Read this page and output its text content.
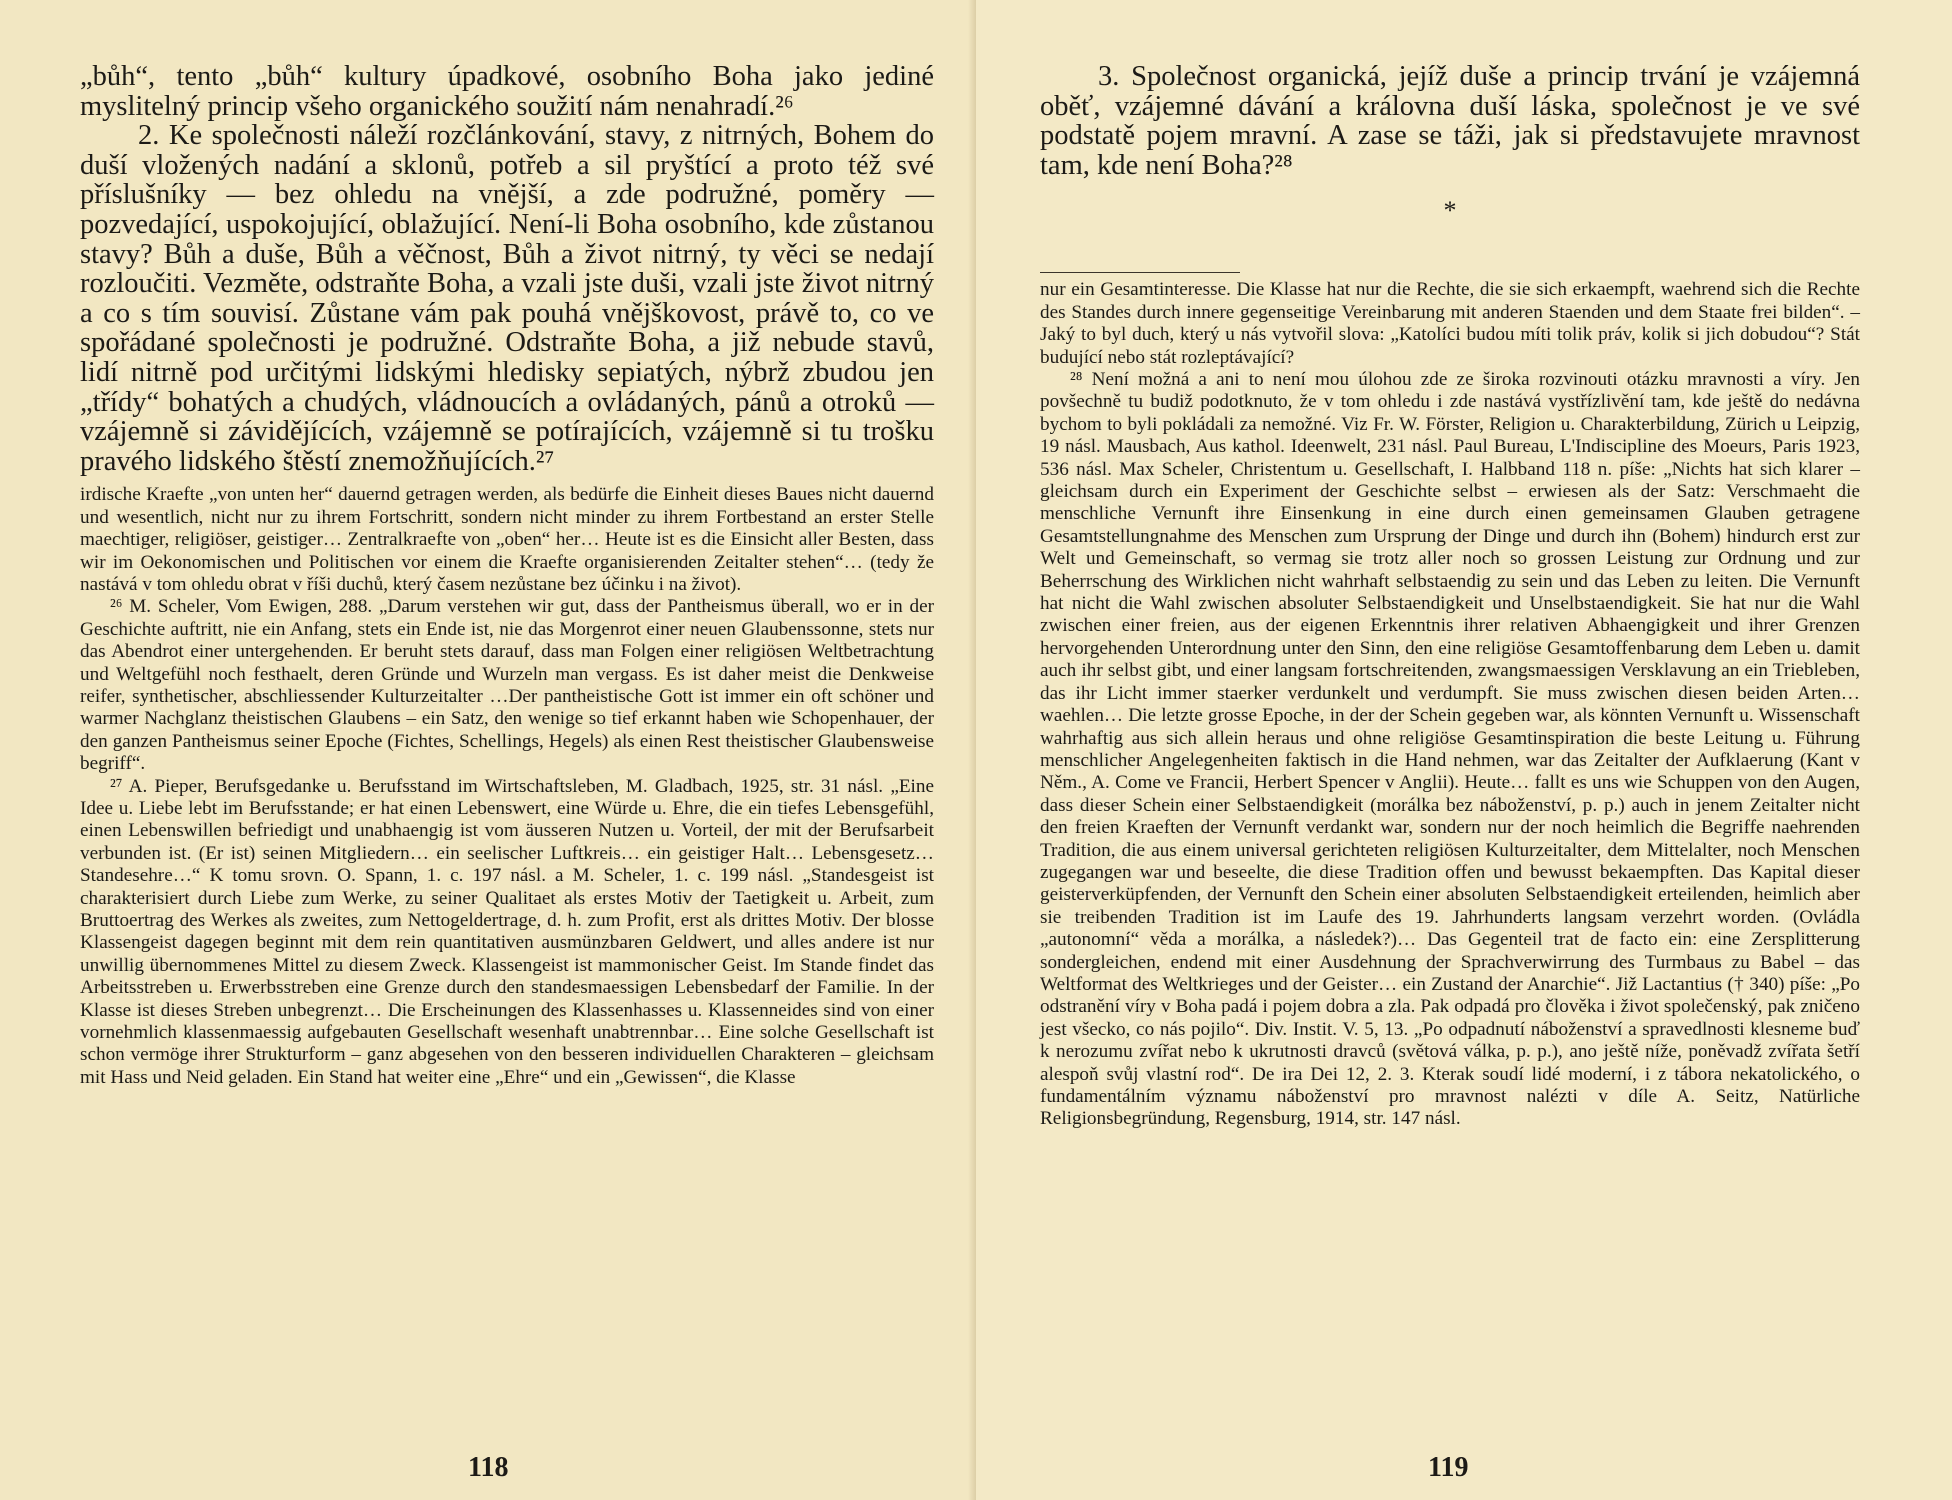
„bůh“, tento „bůh“ kultury úpadkové, osobního Boha jako jediné myslitelný princip všeho organického soužití nám nenahradí.²⁶

2. Ke společnosti náleží rozčlánkování, stavy, z nitrných, Bohem do duší vložených nadání a sklonů, potřeb a sil pryštící a proto též své příslušníky — bez ohledu na vnější, a zde podružné, poměry — pozvedající, uspokojující, oblažující. Není-li Boha osobního, kde zůstanou stavy? Bůh a duše, Bůh a věčnost, Bůh a život nitrný, ty věci se nedají rozloučiti. Vezměte, odstraňte Boha, a vzali jste duši, vzali jste život nitrný a co s tím souvisí. Zůstane vám pak pouhá vnějškovost, právě to, co ve spořádané společnosti je podružné. Odstraňte Boha, a již nebude stavů, lidí nitrně pod určitými lidskými hledisky sepiatých, nýbrž zbudou jen „třídy“ bohatých a chudých, vládnoucích a ovládaných, pánů a otroků — vzájemně si závidějících, vzájemně se potírajících, vzájemně si tu trošku pravého lidského štěstí znemožňujících.²⁷

irdische Kraefte „von unten her“ dauernd getragen werden, als bedürfe die Einheit dieses Baues nicht dauernd und wesentlich, nicht nur zu ihrem Fortschritt, sondern nicht minder zu ihrem Fortbestand an erster Stelle maechtiger, religiöser, geistiger… Zentralkraefte von „oben“ her… Heute ist es die Einsicht aller Besten, dass wir im Oekonomischen und Politischen vor einem die Kraefte organisierenden Zeitalter stehen“… (tedy že nastává v tom ohledu obrat v říši duchů, který časem nezůstane bez účinku i na život).

²⁶ M. Scheler, Vom Ewigen, 288. „Darum verstehen wir gut, dass der Pantheismus überall, wo er in der Geschichte auftritt, nie ein Anfang, stets ein Ende ist, nie das Morgenrot einer neuen Glaubenssonne, stets nur das Abendrot einer untergehenden. Er beruht stets darauf, dass man Folgen einer religiösen Weltbetrachtung und Weltgefühl noch festhaelt, deren Gründe und Wurzeln man vergass. Es ist daher meist die Denkweise reifer, synthetischer, abschliessender Kulturzeitalter …Der pantheistische Gott ist immer ein oft schöner und warmer Nachglanz theistischen Glaubens – ein Satz, den wenige so tief erkannt haben wie Schopenhauer, der den ganzen Pantheismus seiner Epoche (Fichtes, Schellings, Hegels) als einen Rest theistischer Glaubensweise begriff“.

²⁷ A. Pieper, Berufsgedanke u. Berufsstand im Wirtschaftsleben, M. Gladbach, 1925, str. 31 násl. „Eine Idee u. Liebe lebt im Berufsstande; er hat einen Lebenswert, eine Würde u. Ehre, die ein tiefes Lebensgefühl, einen Lebenswillen befriedigt und unabhaengig ist vom äusseren Nutzen u. Vorteil, der mit der Berufsarbeit verbunden ist. (Er ist) seinen Mitgliedern… ein seelischer Luftkreis… ein geistiger Halt… Lebensgesetz… Standesehre…“ K tomu srovn. O. Spann, 1. c. 197 násl. a M. Scheler, 1. c. 199 násl. „Standesgeist ist charakterisiert durch Liebe zum Werke, zu seiner Qualitaet als erstes Motiv der Taetigkeit u. Arbeit, zum Bruttoertrag des Werkes als zweites, zum Nettogeldertrage, d. h. zum Profit, erst als drittes Motiv. Der blosse Klassengeist dagegen beginnt mit dem rein quantitativen ausmünzbaren Geldwert, und alles andere ist nur unwillig übernommenes Mittel zu diesem Zweck. Klassengeist ist mammonischer Geist. Im Stande findet das Arbeitsstreben u. Erwerbsstreben eine Grenze durch den standesmaessigen Lebensbedarf der Familie. In der Klasse ist dieses Streben unbegrenzt… Die Erscheinungen des Klassenhasses u. Klassenneides sind von einer vornehmlich klassenmaessig aufgebauten Gesellschaft wesenhaft unabtrennbar… Eine solche Gesellschaft ist schon vermöge ihrer Strukturform – ganz abgesehen von den besseren individuellen Charakteren – gleichsam mit Hass und Neid geladen. Ein Stand hat weiter eine „Ehre“ und ein „Gewissen“, die Klasse

118

3. Společnost organická, jejíž duše a princip trvání je vzájemná oběť, vzájemné dávání a královna duší láska, společnost je ve své podstatě pojem mravní. A zase se táži, jak si představujete mravnost tam, kde není Boha?²⁸

*

nur ein Gesamtinteresse. Die Klasse hat nur die Rechte, die sie sich erkaempft, waehrend sich die Rechte des Standes durch innere gegenseitige Vereinbarung mit anderen Staenden und dem Staate frei bilden“. – Jaký to byl duch, který u nás vytvořil slova: „Katolíci budou míti tolik práv, kolik si jich dobudou“? Stát budující nebo stát rozleptávající?

²⁸ Není možná a ani to není mou úlohou zde ze široka rozvinouti otázku mravnosti a víry. Jen povšechně tu budiž podotknuto, že v tom ohledu i zde nastává vystřízlivění tam, kde ještě do nedávna bychom to byli pokládali za nemožné. Viz Fr. W. Förster, Religion u. Charakterbildung, Zürich u Leipzig, 19 násl. Mausbach, Aus kathol. Ideenwelt, 231 násl. Paul Bureau, L'Indiscipline des Moeurs, Paris 1923, 536 násl. Max Scheler, Christentum u. Gesellschaft, I. Halbband 118 n. píše: „Nichts hat sich klarer – gleichsam durch ein Experiment der Geschichte selbst – erwiesen als der Satz: Verschmaeht die menschliche Vernunft ihre Einsenkung in eine durch einen gemeinsamen Glauben getragene Gesamtstellungnahme des Menschen zum Ursprung der Dinge und durch ihn (Bohem) hindurch erst zur Welt und Gemeinschaft, so vermag sie trotz aller noch so grossen Leistung zur Ordnung und zur Beherrschung des Wirklichen nicht wahrhaft selbstaendig zu sein und das Leben zu leiten. Die Vernunft hat nicht die Wahl zwischen absoluter Selbstaendigkeit und Unselbstaendigkeit. Sie hat nur die Wahl zwischen einer freien, aus der eigenen Erkenntnis ihrer relativen Abhaengigkeit und ihrer Grenzen hervorgehenden Unterordnung unter den Sinn, den eine religiöse Gesamtoffenbarung dem Leben u. damit auch ihr selbst gibt, und einer langsam fortschreitenden, zwangsmaessigen Versklavung an ein Triebleben, das ihr Licht immer staerker verdunkelt und verdumpft. Sie muss zwischen diesen beiden Arten… waehlen… Die letzte grosse Epoche, in der der Schein gegeben war, als könnten Vernunft u. Wissenschaft wahrhaftig aus sich allein heraus und ohne religiöse Gesamtinspiration die beste Leitung u. Führung menschlicher Angelegenheiten faktisch in die Hand nehmen, war das Zeitalter der Aufklaerung (Kant v Něm., A. Come ve Francii, Herbert Spencer v Anglii). Heute… fallt es uns wie Schuppen von den Augen, dass dieser Schein einer Selbstaendigkeit (morálka bez náboženství, p. p.) auch in jenem Zeitalter nicht den freien Kraeften der Vernunft verdankt war, sondern nur der noch heimlich die Begriffe naehrenden Tradition, die aus einem universal gerichteten religiösen Kulturzeitalter, dem Mittelalter, noch Menschen zugegangen war und beseelte, die diese Tradition offen und bewusst bekaempften. Das Kapital dieser geisterverküpfenden, der Vernunft den Schein einer absoluten Selbstaendigkeit erteilenden, heimlich aber sie treibenden Tradition ist im Laufe des 19. Jahrhunderts langsam verzehrt worden. (Ovládla „autonomní“ věda a morálka, a následek?)… Das Gegenteil trat de facto ein: eine Zersplitterung sondergleichen, endend mit einer Ausdehnung der Sprachverwirrung des Turmbaus zu Babel – das Weltformat des Weltkrieges und der Geister… ein Zustand der Anarchie“. Již Lactantius († 340) píše: „Po odstranění víry v Boha padá i pojem dobra a zla. Pak odpadá pro člověka i život společenský, pak zničeno jest všecko, co nás pojilo“. Div. Instit. V. 5, 13. „Po odpadnutí náboženství a spravedlnosti klesneme buď k nerozumu zvířat nebo k ukrutnosti dravců (světová válka, p. p.), ano ještě níže, poněvadž zvířata šetří alespoň svůj vlastní rod“. De ira Dei 12, 2. 3. Kterak soudí lidé moderní, i z tábora nekatolického, o fundamentálním významu náboženství pro mravnost nalézti v díle A. Seitz, Natürliche Religionsbegründung, Regensburg, 1914, str. 147 násl.

119
